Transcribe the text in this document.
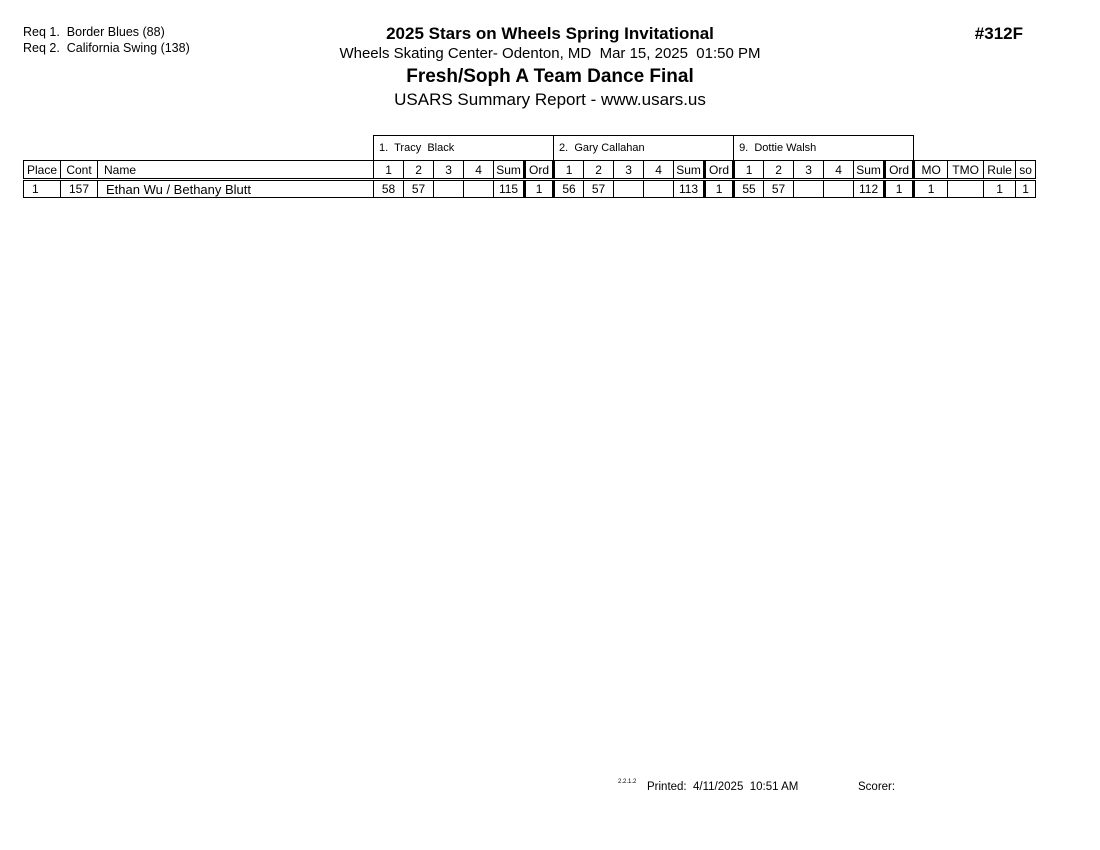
Req 1.  Border Blues (88)
Req 2.  California Swing (138)
2025 Stars on Wheels Spring Invitational
Wheels Skating Center- Odenton, MD  Mar 15, 2025  01:50 PM
Fresh/Soph A Team Dance Final
USARS Summary Report - www.usars.us
#312F
			1.  Tracy  Black						2.  Gary Callahan						9.  Dottie Walsh									
Place	Cont	Name	1	2	3	4	Sum	Ord	1	2	3	4	Sum	Ord	1	2	3	4	Sum	Ord	MO	TMO	Rule	so
1	157	Ethan Wu / Bethany Blutt	58	57			115	1	56	57			113	1	55	57			112	1	1		1	1
2.2.1.2 Printed:  4/11/2025  10:51 AM	Scorer:
